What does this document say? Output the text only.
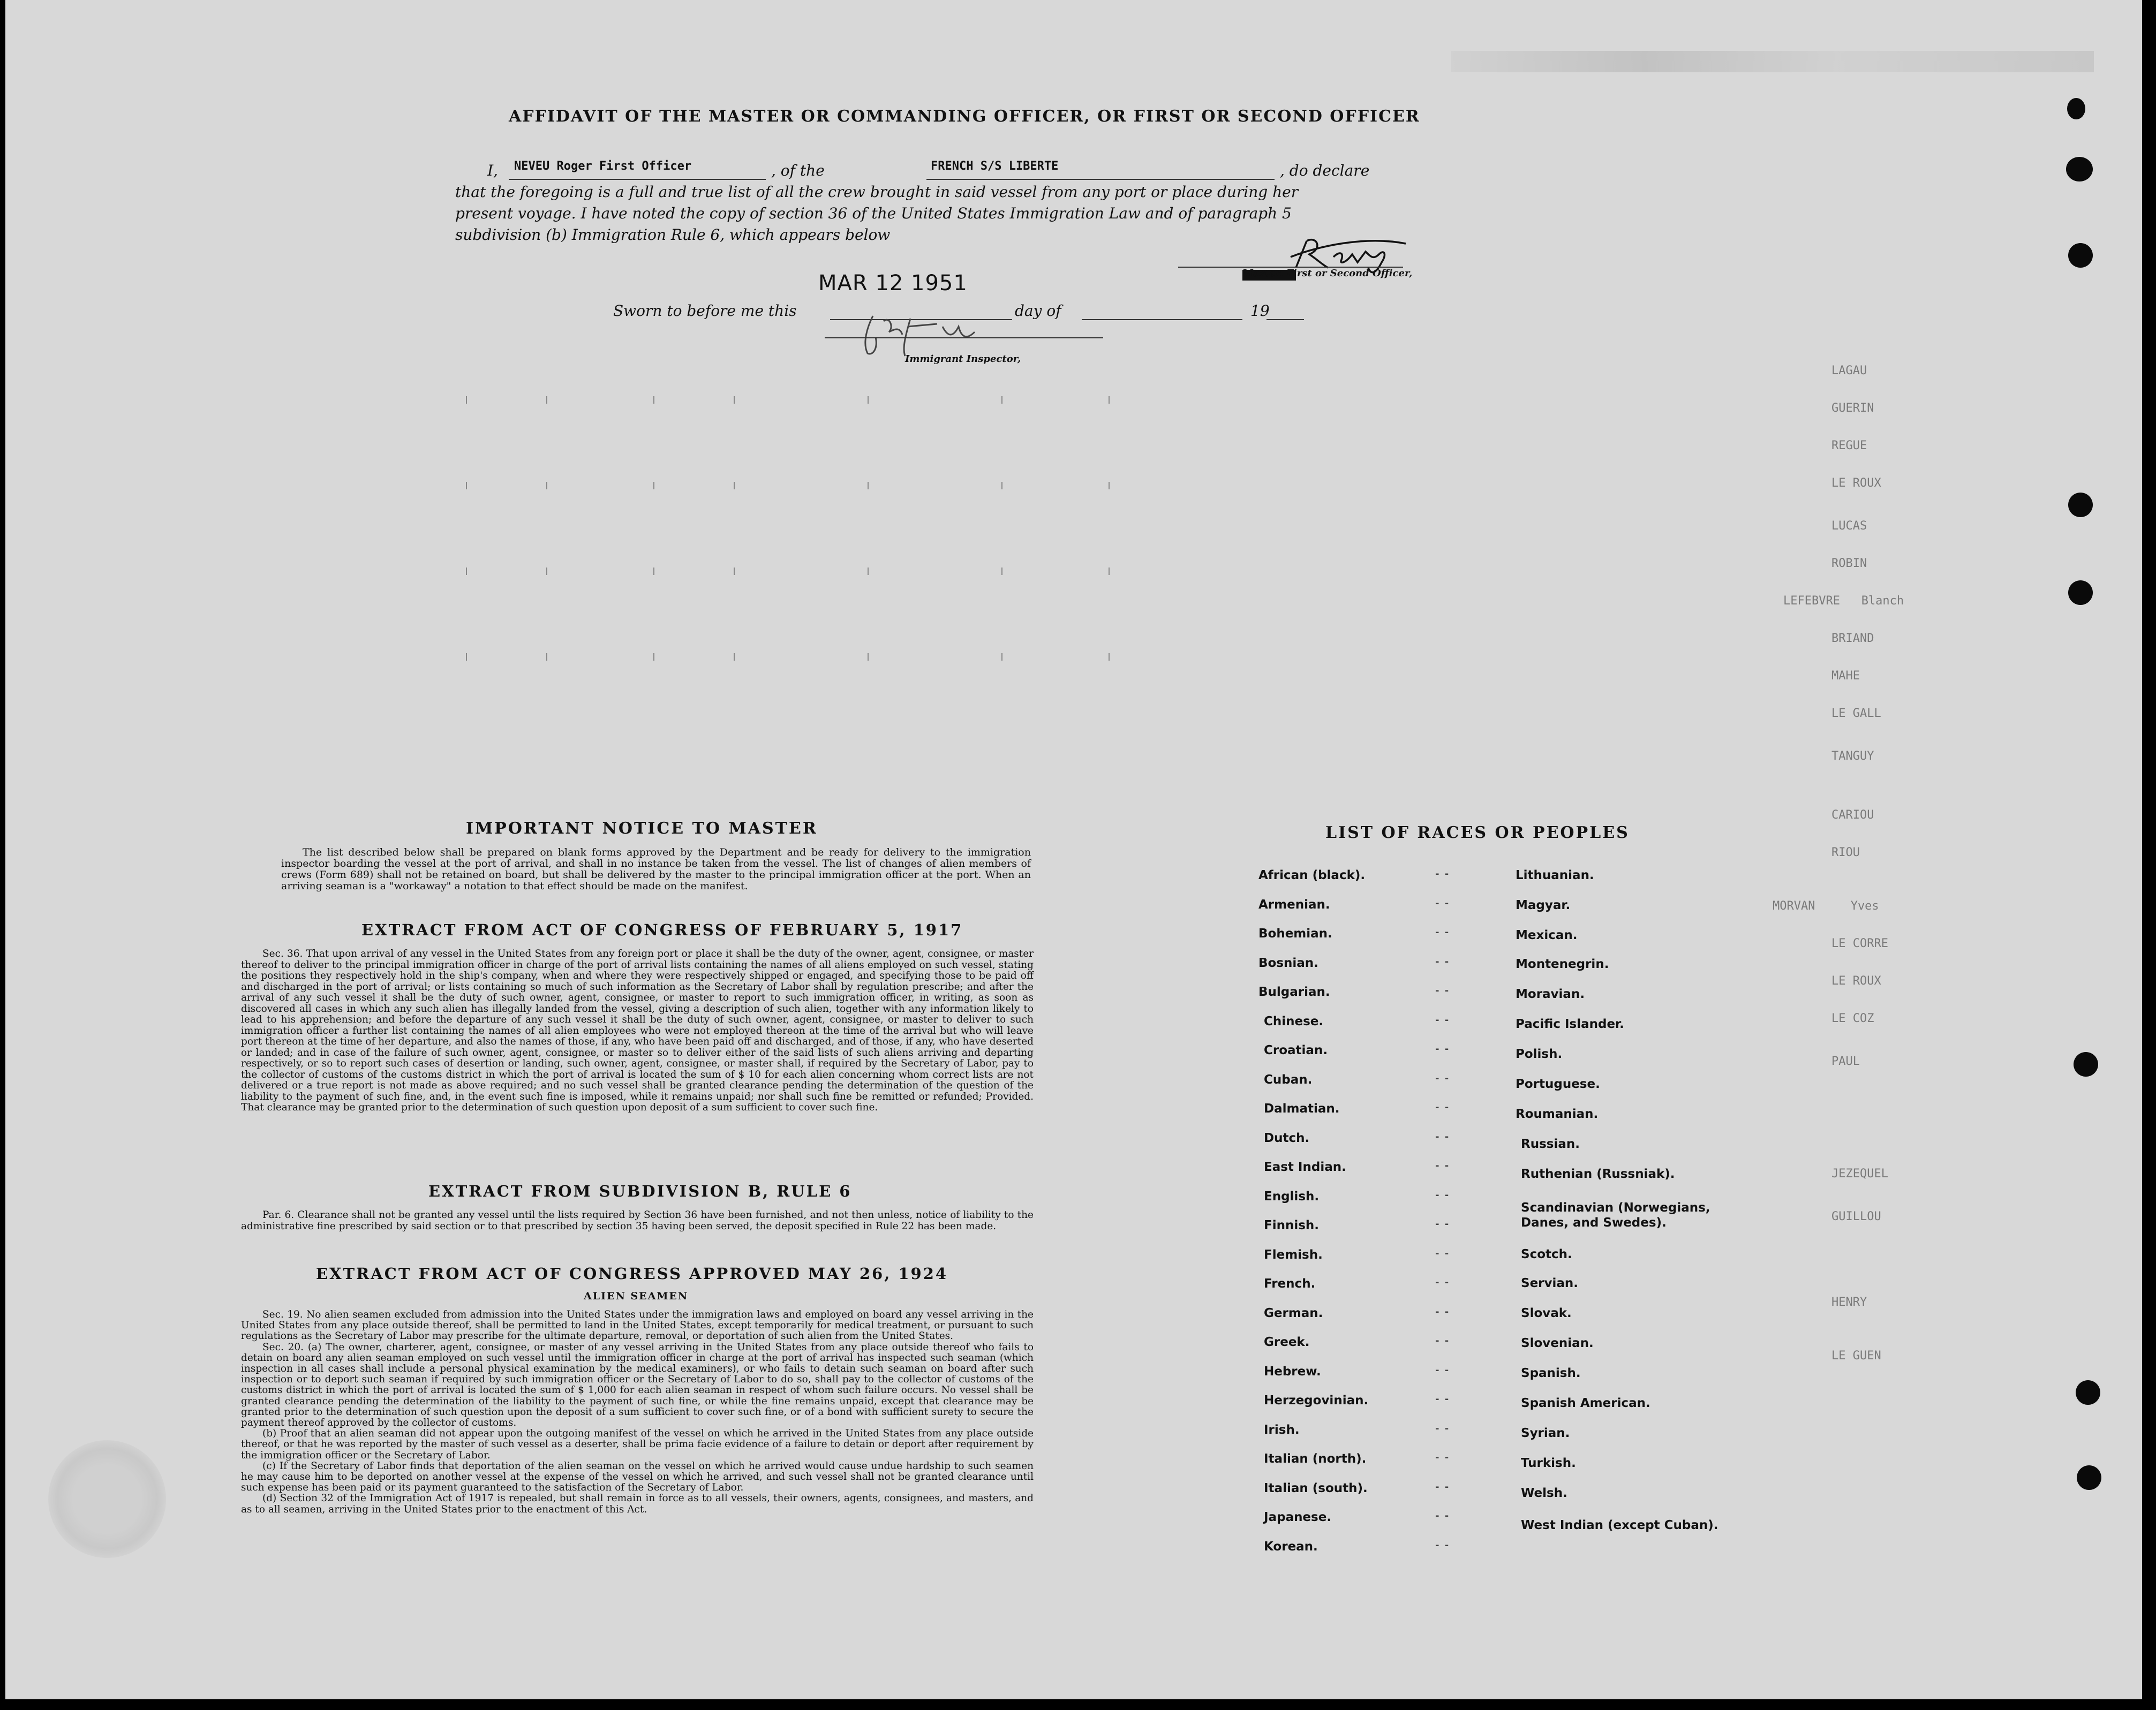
AFFIDAVIT OF THE MASTER OR COMMANDING OFFICER, OR FIRST OR SECOND OFFICER
I, NEVEU Roger First Officer	, of the	FRENCH S/S LIBERTE	, do declare
that the foregoing is a full and true list of all the crew brought in said vessel from any port or place during her
present voyage. I have noted the copy of section 36 of the United States Immigration Law and of paragraph 5
subdivision (b) Immigration Rule 6, which appears below
Master, First or Second Officer,
MAR 12 1951
Sworn to before me this	day of	19
Immigrant Inspector,
LAGAU
GUERIN
REGUE
LE ROUX
LUCAS
ROBIN
LEFEBVRE   Blanch
BRIAND
MAHE
LE GALL
TANGUY
CARIOU
RIOU
MORVAN     Yves
LE CORRE
LE ROUX
LE COZ
PAUL
JEZEQUEL
GUILLOU
HENRY
LE GUEN
IMPORTANT NOTICE TO MASTER

The list described below shall be prepared on blank forms approved by the Department and be ready for delivery to the immigration inspector boarding the vessel at the port of arrival, and shall in no instance be taken from the vessel. The list of changes of alien members of crews (Form 689) shall not be retained on board, but shall be delivered by the master to the principal immigration officer at the port. When an arriving seaman is a "workaway" a notation to that effect should be made on the manifest.

EXTRACT FROM ACT OF CONGRESS OF FEBRUARY 5, 1917

Sec. 36. That upon arrival of any vessel in the United States from any foreign port or place it shall be the duty of the owner, agent, consignee, or master thereof to deliver to the principal immigration officer in charge of the port of arrival lists containing the names of all aliens employed on such vessel, stating the positions they respectively hold in the ship's company, when and where they were respectively shipped or engaged, and specifying those to be paid off and discharged in the port of arrival; or lists containing so much of such information as the Secretary of Labor shall by regulation prescribe; and after the arrival of any such vessel it shall be the duty of such owner, agent, consignee, or master to report to such immigration officer, in writing, as soon as discovered all cases in which any such alien has illegally landed from the vessel, giving a description of such alien, together with any information likely to lead to his apprehension; and before the departure of any such vessel it shall be the duty of such owner, agent, consignee, or master to deliver to such immigration officer a further list containing the names of all alien employees who were not employed thereon at the time of the arrival but who will leave port thereon at the time of her departure, and also the names of those, if any, who have been paid off and discharged, and of those, if any, who have deserted or landed; and in case of the failure of such owner, agent, consignee, or master so to deliver either of the said lists of such aliens arriving and departing respectively, or so to report such cases of desertion or landing, such owner, agent, consignee, or master shall, if required by the Secretary of Labor, pay to the collector of customs of the customs district in which the port of arrival is located the sum of $ 10 for each alien concerning whom correct lists are not delivered or a true report is not made as above required; and no such vessel shall be granted clearance pending the determination of the question of the liability to the payment of such fine, and, in the event such fine is imposed, while it remains unpaid; nor shall such fine be remitted or refunded; Provided. That clearance may be granted prior to the determination of such question upon deposit of a sum sufficient to cover such fine.

EXTRACT FROM SUBDIVISION B, RULE 6

Par. 6. Clearance shall not be granted any vessel until the lists required by Section 36 have been furnished, and not then unless, notice of liability to the administrative fine prescribed by said section or to that prescribed by section 35 having been served, the deposit specified in Rule 22 has been made.

EXTRACT FROM ACT OF CONGRESS APPROVED MAY 26, 1924
ALIEN SEAMEN

Sec. 19. No alien seamen excluded from admission into the United States under the immigration laws and employed on board any vessel arriving in the United States from any place outside thereof, shall be permitted to land in the United States, except temporarily for medical treatment, or pursuant to such regulations as the Secretary of Labor may prescribe for the ultimate departure, removal, or deportation of such alien from the United States.

Sec. 20. (a) The owner, charterer, agent, consignee, or master of any vessel arriving in the United States from any place outside thereof who fails to detain on board any alien seaman employed on such vessel until the immigration officer in charge at the port of arrival has inspected such seaman (which inspection in all cases shall include a personal physical examination by the medical examiners), or who fails to detain such seaman on board after such inspection or to deport such seaman if required by such immigration officer or the Secretary of Labor to do so, shall pay to the collector of customs of the customs district in which the port of arrival is located the sum of $ 1,000 for each alien seaman in respect of whom such failure occurs. No vessel shall be granted clearance pending the determination of the liability to the payment of such fine, or while the fine remains unpaid, except that clearance may be granted prior to the determination of such question upon the deposit of a sum sufficient to cover such fine, or of a bond with sufficient surety to secure the payment thereof approved by the collector of customs.

(b) Proof that an alien seaman did not appear upon the outgoing manifest of the vessel on which he arrived in the United States from any place outside thereof, or that he was reported by the master of such vessel as a deserter, shall be prima facie evidence of a failure to detain or deport after requirement by the immigration officer or the Secretary of Labor.

(c) If the Secretary of Labor finds that deportation of the alien seaman on the vessel on which he arrived would cause undue hardship to such seamen he may cause him to be deported on another vessel at the expense of the vessel on which he arrived, and such vessel shall not be granted clearance until such expense has been paid or its payment guaranteed to the satisfaction of the Secretary of Labor.

(d) Section 32 of the Immigration Act of 1917 is repealed, but shall remain in force as to all vessels, their owners, agents, consignees, and masters, and as to all seamen, arriving in the United States prior to the enactment of this Act.

LIST OF RACES OR PEOPLES
African (black).	- -
Armenian.	- -
Bohemian.	- -
Bosnian.	- -
Bulgarian.	- -
Chinese.	- -
Croatian.	- -
Cuban.	- -
Dalmatian.	- -
Dutch.	- -
East Indian.	- -
English.	- -
Finnish.	- -
Flemish.	- -
French.	- -
German.	- -
Greek.	- -
Hebrew.	- -
Herzegovinian.	- -
Irish.	- -
Italian (north).	- -
Italian (south).	- -
Japanese.	- -
Korean.	- -
Lithuanian.
Magyar.
Mexican.
Montenegrin.
Moravian.
Pacific Islander.
Polish.
Portuguese.
Roumanian.
Russian.
Ruthenian (Russniak).
Scandinavian (Norwegians, Danes, and Swedes).
Scotch.
Servian.
Slovak.
Slovenian.
Spanish.
Spanish American.
Syrian.
Turkish.
Welsh.
West Indian (except Cuban).
